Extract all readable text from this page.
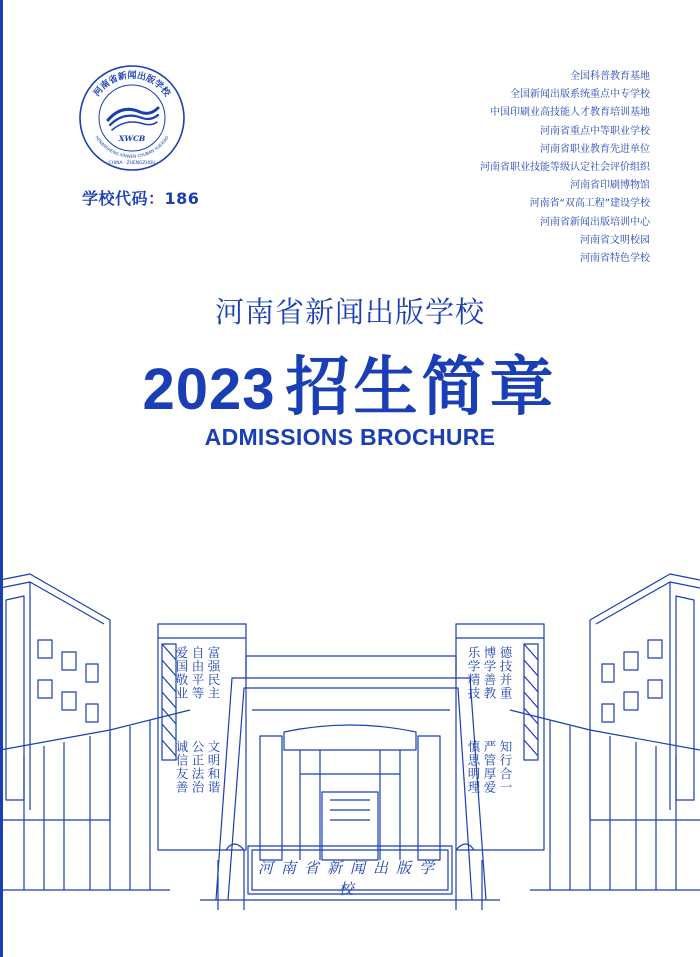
河南省新闻出版学校
HENANSHENG XINWEN CHUBAN XUEXIAO
XWCB
CHINA · ZHENGZHOU
学校代码：186
全国科普教育基地
全国新闻出版系统重点中专学校
中国印刷业高技能人才教育培训基地
河南省重点中等职业学校
河南省职业教育先进单位
河南省职业技能等级认定社会评价组织
河南省印刷博物馆
河南省“双高工程”建设学校
河南省新闻出版培训中心
河南省文明校园
河南省特色学校
河南省新闻出版学校
2023 招生简章
ADMISSIONS BROCHURE
自由平等 富强民主
爱国敬业
文明和谐
公正法治
诚信友善
德技并重
博学善教
乐学精技
知行合一
严管厚爱
慎思明理
河南省新闻出版学校
